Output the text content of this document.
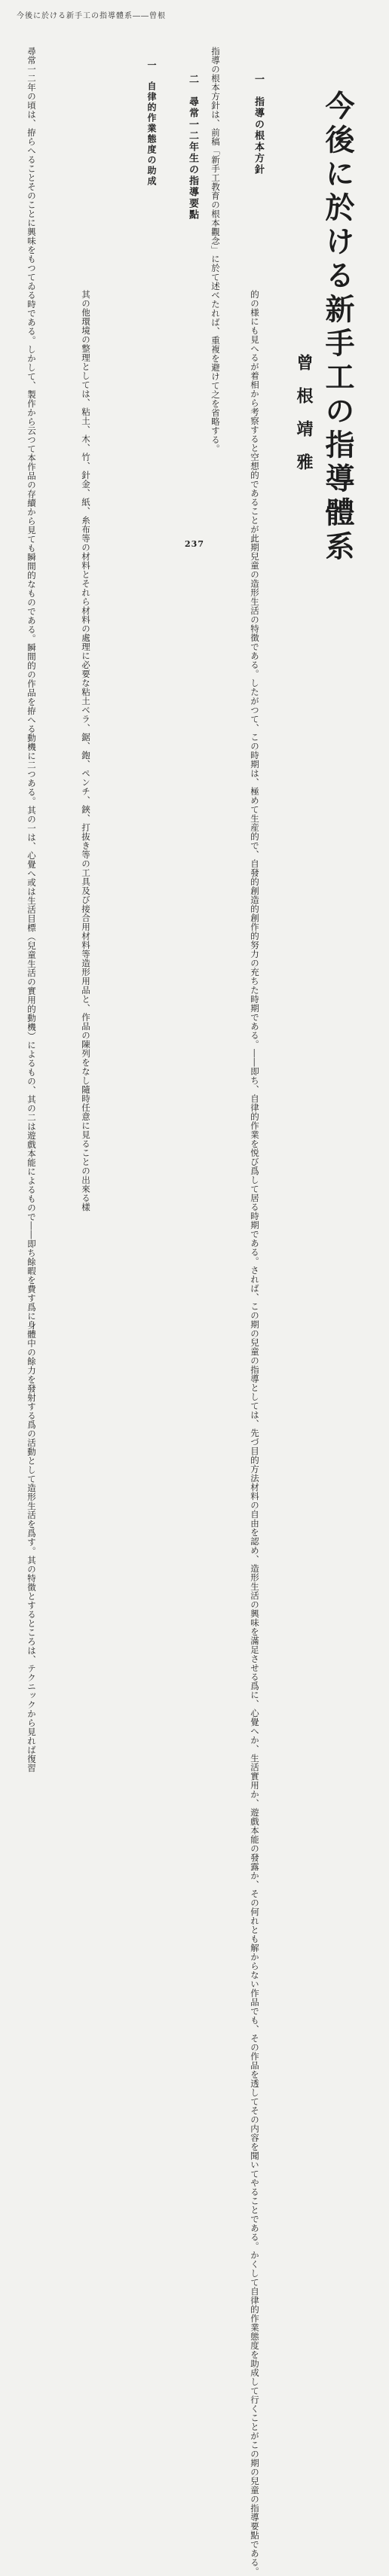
今後に於ける新手工の指導體系――曾根
今後に於ける新手工の指導體系
曾根靖雅
一　指導の根本方針
指導の根本方針は、前稿「新手工教育の根本觀念」に於て述べたれば、重複を避けて之を省略する。
二　尋常一二年生の指導要點
一　自律的作業態度の助成
尋常一二年の頃は、拵らへることそのことに興味をもつてゐる時である。しかして、製作から云つて本作品の存續から見ても瞬間的なものである。瞬間的の作品を拵へる動機に二つある。其の一は、心覺へ或は生活目標（兒童生活の實用的動機）によるもの、其の二は遊戲本能によるもので――即ち餘暇を費す爲に身體中の餘力を發射する爲の活動として造形生活を爲す。其の特徴とするところは、テクニックから見れば復習	的の様にも見へるが着相から考察すると空想的であることが此期兒童の造形生活の特徴である。したがつて、この時期は、極めて生産的で、自發的創造的創作的努力の充ちた時期である。――即ち、自律的作業を悦び爲して居る時期である。されば、この期の兒童の指導としては、先づ目的方法材料の自由を認め、造形生活の興味を滿足させる爲に、心覺へか、生活實用か、遊戲本能の發露か、その何れとも解からない作品でも、その作品を透してその内容を聞いてやることである。かくして自律的作業態度を助成して行くことがこの期の兒童の指導要點である。
其の他環境の整理としては、粘土、木、竹、針金、紙、糸布等の材料とそれら材料の處理に必要な粘土ベラ、鋸、鉋、ペンチ、鋏、打抜き等の工具及び接合用材料等造形用品と、作品の陳列をなし隨時任意に見ることの出來る樣	237
